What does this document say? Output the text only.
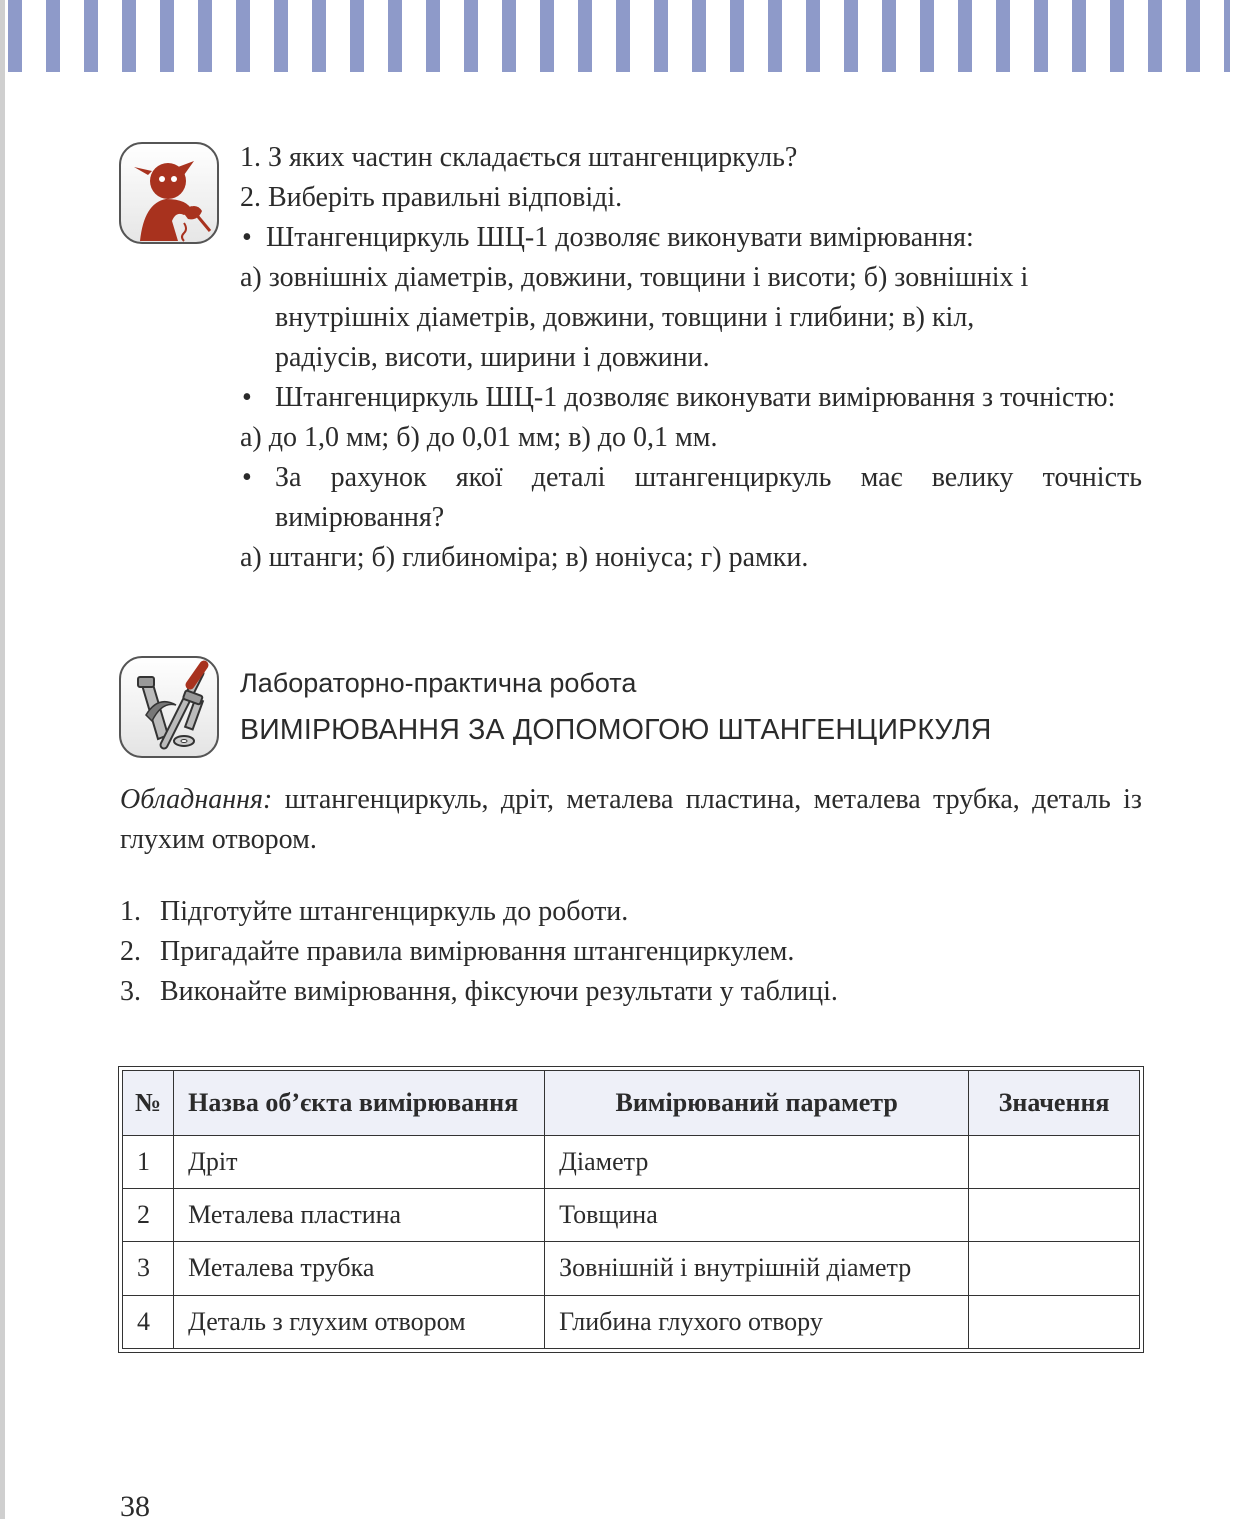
1. З яких частин складається штангенциркуль?

2. Виберіть правильні відповіді.

• Штангенциркуль ШЦ-1 дозволяє виконувати вимірювання:

а) зовнішніх діаметрів, довжини, товщини і висоти; б) зовнішніх і

внутрішніх діаметрів, довжини, товщини і глибини; в) кіл,

радіусів, висоти, ширини і довжини.

• Штангенциркуль ШЦ-1 дозволяє виконувати вимірювання з точністю:

а) до 1,0 мм; б) до 0,01 мм; в) до 0,1 мм.

• За рахунок якої деталі штангенциркуль має велику точність вимірювання?

а) штанги; б) глибиноміра; в) ноніуса; г) рамки.

Лабораторно-практична робота
ВИМІРЮВАННЯ ЗА ДОПОМОГОЮ ШТАНГЕНЦИРКУЛЯ

Обладнання: штангенциркуль, дріт, металева пластина, металева трубка, деталь із глухим отвором.

1. Підготуйте штангенциркуль до роботи.
2. Пригадайте правила вимірювання штангенциркулем.
3. Виконайте вимірювання, фіксуючи результати у таблиці.
№	Назва об’єкта вимірювання	Вимірюваний параметр	Значення
1	Дріт	Діаметр	
2	Металева пластина	Товщина	
3	Металева трубка	Зовнішній і внутрішній діаметр	
4	Деталь з глухим отвором	Глибина глухого отвору	
38
